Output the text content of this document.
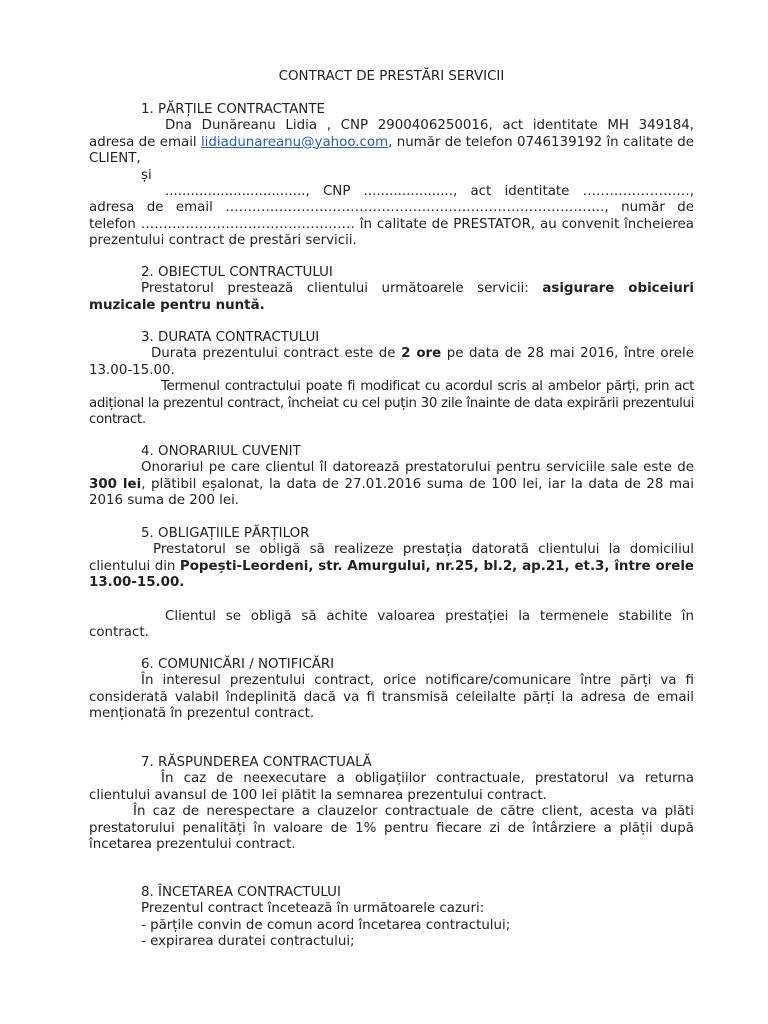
CONTRACT DE PRESTĂRI SERVICII
1. PĂRȚILE CONTRACTANTE

Dna Dunăreanu Lidia , CNP 2900406250016, act identitate MH 349184, adresa de email lidiadunareanu@yahoo.com, număr de telefon 0746139192 în calitate de CLIENT,

și

................................., CNP ....................., act identitate ……………………, adresa de email …………………………………………………………………………., număr de telefon ………………………………………… în calitate de PRESTATOR, au convenit încheierea prezentului contract de prestări servicii.

2. OBIECTUL CONTRACTULUI

Prestatorul prestează clientului următoarele servicii: asigurare obiceiuri muzicale pentru nuntă.

3. DURATA CONTRACTULUI

Durata prezentului contract este de 2 ore pe data de 28 mai 2016, între orele 13.00-15.00.

Termenul contractului poate fi modificat cu acordul scris al ambelor părți, prin act adițional la prezentul contract, încheiat cu cel puțin 30 zile înainte de data expirării prezentului contract.

4. ONORARIUL CUVENIT

Onorariul pe care clientul îl datorează prestatorului pentru serviciile sale este de 300 lei, plătibil eșalonat, la data de 27.01.2016 suma de 100 lei, iar la data de 28 mai 2016 suma de 200 lei.

5. OBLIGAȚIILE PĂRȚILOR

Prestatorul se obligă să realizeze prestația datorată clientului la domiciliul clientului din Popești-Leordeni, str. Amurgului, nr.25, bl.2, ap.21, et.3, între orele 13.00-15.00.

Clientul se obligă să achite valoarea prestației la termenele stabilite în contract.

6. COMUNICĂRI / NOTIFICĂRI

În interesul prezentului contract, orice notificare/comunicare între părți va fi considerată valabil îndeplinită dacă va fi transmisă celeilalte părți la adresa de email menționată în prezentul contract.

7. RĂSPUNDEREA CONTRACTUALĂ

În caz de neexecutare a obligațiilor contractuale, prestatorul va returna clientului avansul de 100 lei plătit la semnarea prezentului contract.

În caz de nerespectare a clauzelor contractuale de către client, acesta va plăti prestatorului penalități în valoare de 1% pentru fiecare zi de întârziere a plății după încetarea prezentului contract.

8. ÎNCETAREA CONTRACTULUI

Prezentul contract încetează în următoarele cazuri:

- părțile convin de comun acord încetarea contractului;

- expirarea duratei contractului;
